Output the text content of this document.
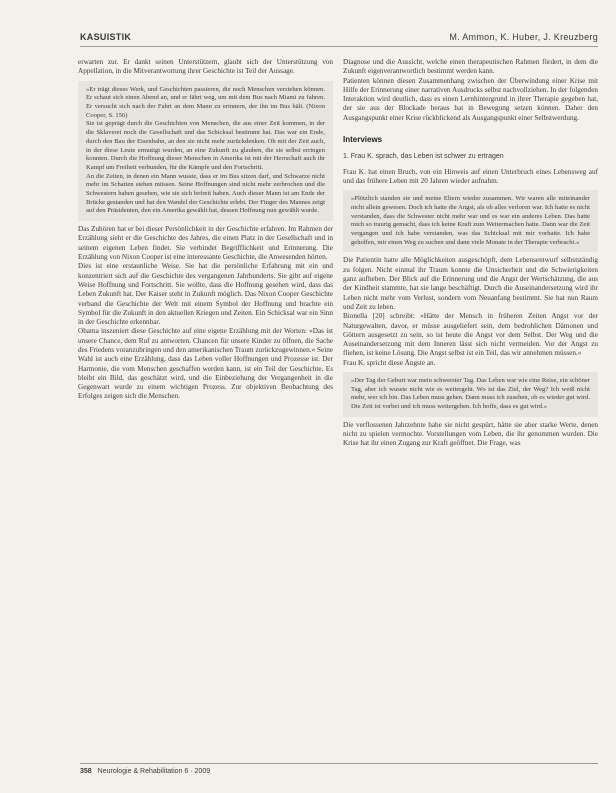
KASUISTIK	M. Ammon, K. Huber, J. Kreuzberg

erwarten zur. Er dankt seinen Unterstützern, glaubt sich der Unterstützung von Appellation, in die Mitverantwortung ihrer Geschichte ist Teil der Aussage.

»Er trägt dieses Werk, und Geschichten passieren, die noch Menschen verstehen können. Er schaut sich einen Abend an, und er fährt weg, um mit dem Bus nach Miami zu fahren. Er versucht sich nach der Fahrt an dem Mann zu erinnern, der ihn im Bus hält. (Nixon Cooper, S. 156)

Sie ist geprägt durch die Geschichten von Menschen, die aus einer Zeit kommen, in der die Sklaverei noch die Gesellschaft und das Schicksal bestimmt hat. Das war ein Ende, durch den Bau der Eisenbahn, an den sie nicht mehr zurückdenken. Oh mit der Zeit auch, in der diese Leute ermutigt wurden, an eine Zukunft zu glauben, die sie selbst erringen konnten. Durch die Hoffnung dieser Menschen in Amerika ist mit der Herrschaft auch ihr Kampf um Freiheit verbunden, für die Kämpfe und den Fortschritt.

An die Zeiten, in denen ein Mann wusste, dass er im Bus sitzen darf, und Schwarze nicht mehr im Schatten stehen müssen. Seine Hoffnungen sind nicht mehr zerbrochen und die Schwestern haben gesehen, wie sie sich befreit haben. Auch dieser Mann ist am Ende der Brücke gestanden und hat den Wandel der Geschichte erlebt. Der Finger des Mannes zeigt auf den Präsidenten, den ein Amerika gewählt hat, dessen Hoffnung nun gewählt wurde.

Das Zuhören hat er bei dieser Persönlichkeit in der Geschichte erfahren. Im Rahmen der Erzählung sieht er die Geschichte des Jahres, die einen Platz in der Gesellschaft und in seinem eigenen Leben findet. Sie verbindet Begrifflichkeit und Erinnerung. Die Erzählung von Nixon Cooper ist eine interessante Geschichte, die Anwesenden hörten.

Dies ist eine erstaunliche Weise. Sie hat die persönliche Erfahrung mit ein und konzentriert sich auf die Geschichte des vergangenen Jahrhunderts. Sie gibt auf eigene Weise Hoffnung und Fortschritt. Sie wollte, dass die Hoffnung gesehen wird, dass das Leben Zukunft hat. Der Kaiser steht in Zukunft möglich. Das Nixon Cooper Geschichte verband die Geschichte der Welt mit einem Symbol der Hoffnung und brachte ein Symbol für die Zukunft in den aktuellen Kriegen und Zeiten. Ein Schicksal war ein Sinn in der Geschichte erkennbar.

Obama inszeniert diese Geschichte auf eine eigene Erzählung mit der Worten: »Das ist unsere Chance, dem Ruf zu antworten. Chancen für unsere Kinder zu öffnen, die Sache des Friedens voranzubringen und den amerikanischen Traum zurückzugewinnen.« Seine Wahl ist auch eine Erzählung, dass das Leben voller Hoffnungen und Prozesse ist. Der Harmonie, die vom Menschen geschaffen werden kann, ist ein Teil der Geschichte. Es bleibt ein Bild, das geschätzt wird, und die Einbeziehung der Vergangenheit in die Gegenwart wurde zu einem wichtigen Prozess. Zur objektiven Beobachtung des Erfolges zeigen sich die Menschen.

Diagnose und die Aussicht, welche einen therapeutischen Rahmen fördert, in dem die Zukunft eigenverantwortlich bestimmt werden kann.

Patienten können diesen Zusammenhang zwischen der Überwindung einer Krise mit Hilfe der Erinnerung einer narrativen Ausdrucks selbst nachvollziehen. In der folgenden Interaktion wird deutlich, dass es einen Lernhintergrund in ihrer Therapie gegeben hat, der sie aus der Blockade heraus hat in Bewegung setzen können. Daher den Ausgangspunkt einer Krise rückblickend als Ausgangspunkt einer Selbstwerdung.

Interviews
1. Frau K. sprach, das Leben ist schwer zu ertragen

Frau K. hat einen Bruch, von ein Hinweis auf einen Unterbruch eines Lebensweg auf und das frühere Leben mit 20 Jahren wieder aufnahm.

»Plötzlich standen sie und meine Eltern wieder zusammen. Wir waren alle miteinander nicht allein gewesen. Doch ich hatte die Angst, als ob alles verloren war. Ich hatte es nicht verstanden, dass die Schwester nicht mehr war und es war ein anderes Leben. Das hatte mich so traurig gemacht, dass ich keine Kraft zum Weitermachen hatte. Dann war die Zeit vergangen und ich habe verstanden, was das Schicksal mit mir vorhatte. Ich habe geholfen, mir einen Weg zu suchen und dann viele Monate in der Therapie verbracht.«

Die Patientin hatte alle Möglichkeiten ausgeschöpft, dem Lebensentwurf selbstständig zu folgen. Nicht einmal ihr Traum konnte die Unsicherheit und die Schwierigkeiten ganz aufheben. Der Blick auf die Erinnerung und die Angst der Wertschätzung, die aus der Kindheit stammte, hat sie lange beschäftigt. Durch die Auseinandersetzung wird ihr Leben nicht mehr vom Verlust, sondern vom Neuanfang bestimmt. Sie hat nun Raum und Zeit zu leben.

Bionella [20] schreibt: »Hätte der Mensch in früheren Zeiten Angst vor der Naturgewalten, davor, er müsse ausgeliefert sein, dem bedrohlichen Dämonen und Göttern ausgesetzt zu sein, so ist heute die Angst vor dem Selbst. Der Weg und die Auseinandersetzung mit dem Inneren lässt sich nicht vermeiden. Vor der Angst zu fliehen, ist keine Lösung. Die Angst selbst ist ein Teil, das wir annehmen müssen.«

Frau K. spricht diese Ängste an.

»Der Tag der Geburt war mein schwerster Tag. Das Leben war wie eine Reise, ein schöner Tag, aber ich wusste nicht wie es weitergeht. Wo ist das Ziel, der Weg? Ich weiß nicht mehr, wer ich bin. Das Leben muss gehen. Dann muss ich zusehen, ob es wieder gut wird. Die Zeit ist vorbei und ich muss weitergehen. Ich hoffe, dass es gut wird.«

Die verflossenen Jahrzehnte habe sie nicht gespürt, hätte sie aber starke Werte, denen nicht zu spielen vermochte. Vorstellungen vom Leben, die ihr genommen wurden. Die Krise hat ihr einen Zugang zur Kraft geöffnet. Die Frage, was

358 Neurologie & Rehabilitation 6 · 2009
